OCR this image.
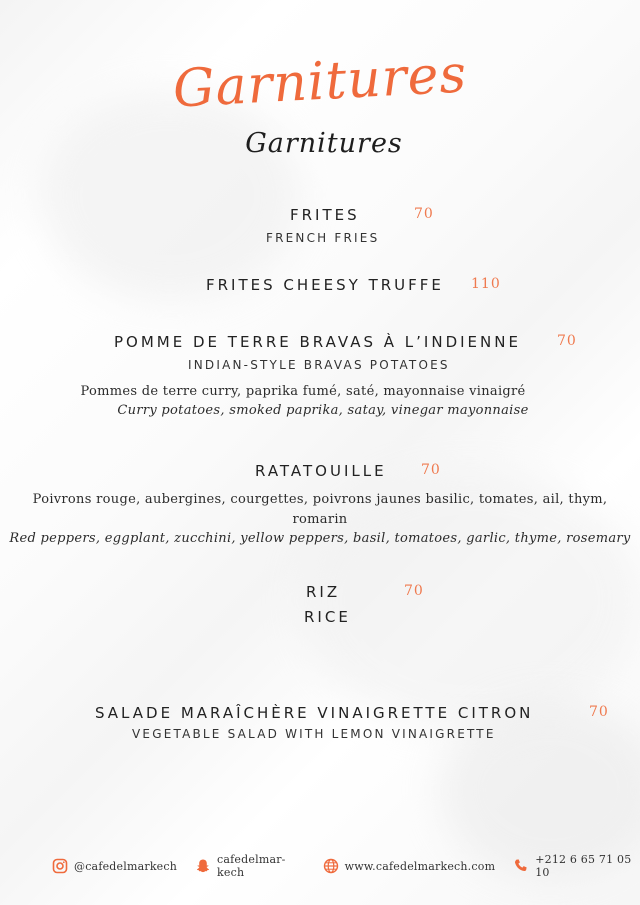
Garnitures
Garnitures
FRITES	70
FRENCH FRIES
FRITES CHEESY TRUFFE 110
POMME DE TERRE BRAVAS À L’INDIENNE	70
INDIAN-STYLE BRAVAS POTATOES
Pommes de terre curry, paprika fumé, saté, mayonnaise vinaigré
Curry potatoes, smoked paprika, satay, vinegar mayonnaise
RATATOUILLE 70
Poivrons rouge, aubergines, courgettes, poivrons jaunes basilic, tomates, ail, thym,
romarin
Red peppers, eggplant, zucchini, yellow peppers, basil, tomatoes, garlic, thyme, rosemary
RIZ	70
RICE
SALADE MARAÎCHÈRE VINAIGRETTE CITRON	70
VEGETABLE SALAD WITH LEMON VINAIGRETTE
@cafedelmarkech	cafedelmar-kech	www.cafedelmarkech.com	+212 6 65 71 05 10
